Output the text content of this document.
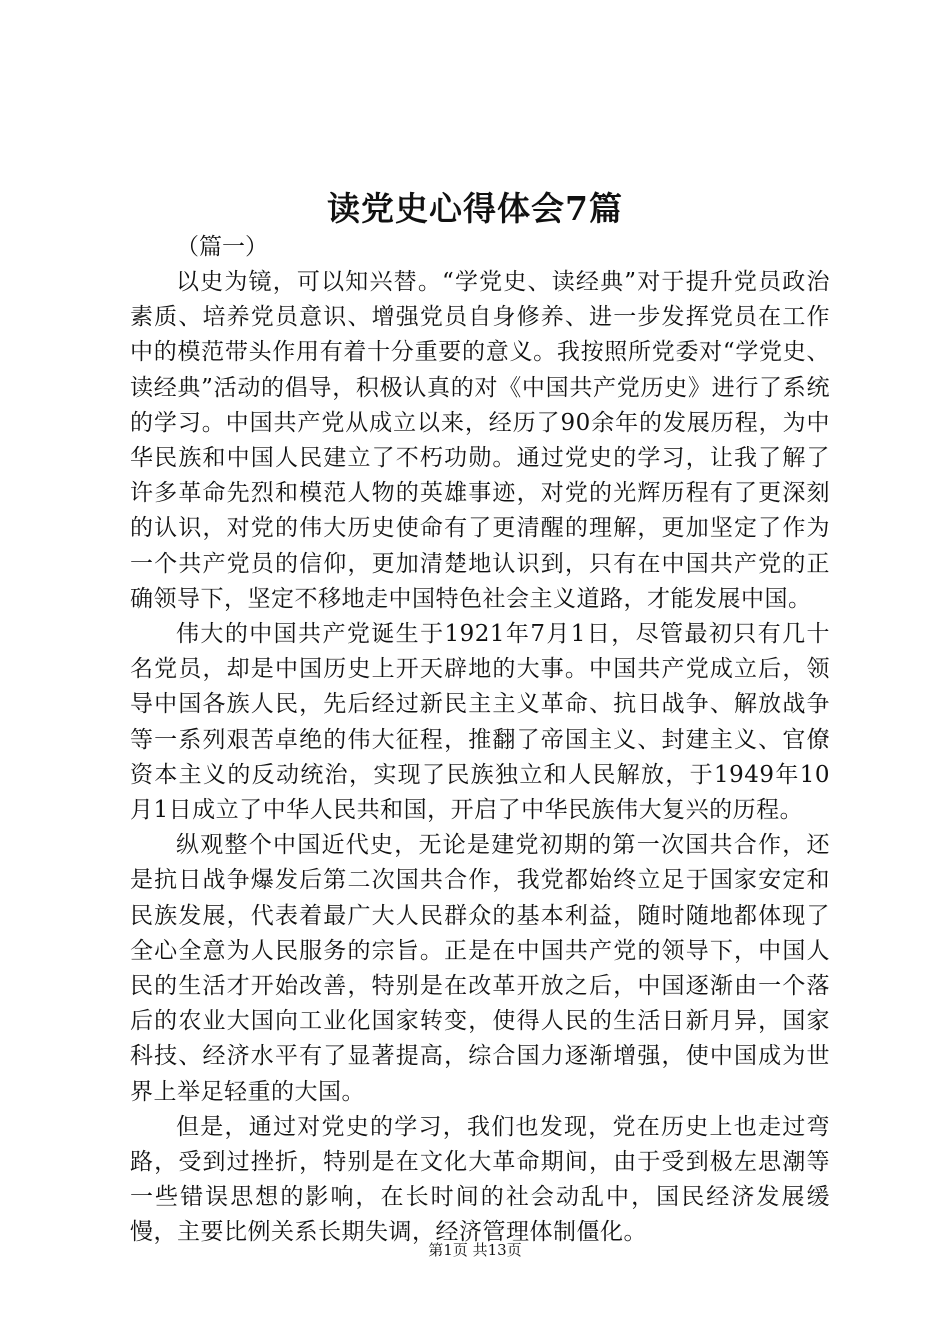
读党史心得体会7篇

（篇一）

以史为镜，可以知兴替。“学党史、读经典”对于提升党员政治素质、培养党员意识、增强党员自身修养、进一步发挥党员在工作中的模范带头作用有着十分重要的意义。我按照所党委对“学党史、读经典”活动的倡导，积极认真的对《中国共产党历史》进行了系统的学习。中国共产党从成立以来，经历了90余年的发展历程，为中华民族和中国人民建立了不朽功勋。通过党史的学习，让我了解了许多革命先烈和模范人物的英雄事迹，对党的光辉历程有了更深刻的认识，对党的伟大历史使命有了更清醒的理解，更加坚定了作为一个共产党员的信仰，更加清楚地认识到，只有在中国共产党的正确领导下，坚定不移地走中国特色社会主义道路，才能发展中国。

伟大的中国共产党诞生于1921年7月1日，尽管最初只有几十名党员，却是中国历史上开天辟地的大事。中国共产党成立后，领导中国各族人民，先后经过新民主主义革命、抗日战争、解放战争等一系列艰苦卓绝的伟大征程，推翻了帝国主义、封建主义、官僚资本主义的反动统治，实现了民族独立和人民解放，于1949年10月1日成立了中华人民共和国，开启了中华民族伟大复兴的历程。

纵观整个中国近代史，无论是建党初期的第一次国共合作，还是抗日战争爆发后第二次国共合作，我党都始终立足于国家安定和民族发展，代表着最广大人民群众的基本利益，随时随地都体现了全心全意为人民服务的宗旨。正是在中国共产党的领导下，中国人民的生活才开始改善，特别是在改革开放之后，中国逐渐由一个落后的农业大国向工业化国家转变，使得人民的生活日新月异，国家科技、经济水平有了显著提高，综合国力逐渐增强，使中国成为世界上举足轻重的大国。

但是，通过对党史的学习，我们也发现，党在历史上也走过弯路，受到过挫折，特别是在文化大革命期间，由于受到极左思潮等一些错误思想的影响，在长时间的社会动乱中，国民经济发展缓慢，主要比例关系长期失调，经济管理体制僵化。

第1页 共13页
